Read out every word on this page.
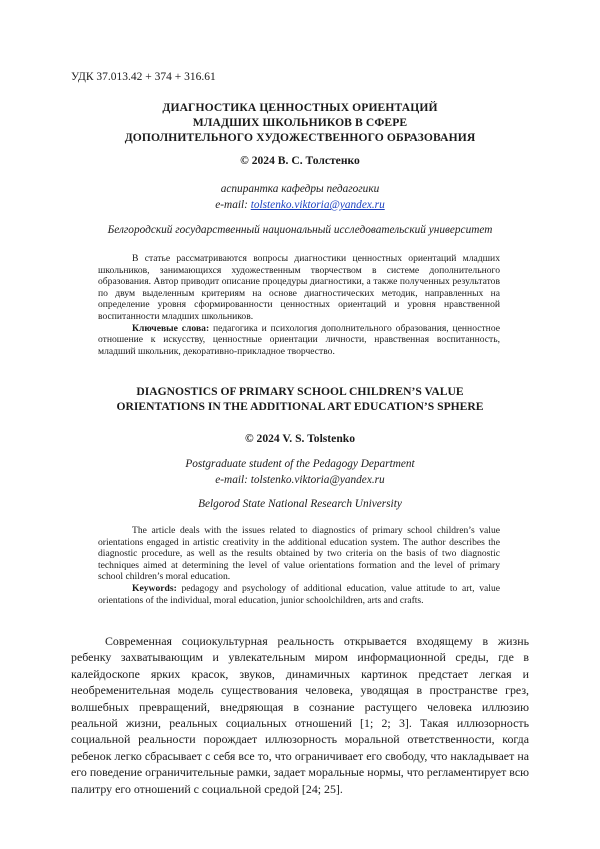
УДК 37.013.42 + 374 + 316.61
ДИАГНОСТИКА ЦЕННОСТНЫХ ОРИЕНТАЦИЙ
МЛАДШИХ ШКОЛЬНИКОВ В СФЕРЕ
ДОПОЛНИТЕЛЬНОГО ХУДОЖЕСТВЕННОГО ОБРАЗОВАНИЯ
© 2024 В. С. Толстенко
аспирантка кафедры педагогики
e-mail: tolstenko.viktoria@yandex.ru
Белгородский государственный национальный исследовательский университет
В статье рассматриваются вопросы диагностики ценностных ориентаций младших школьников, занимающихся художественным творчеством в системе дополнительного образования. Автор приводит описание процедуры диагностики, а также полученных результатов по двум выделенным критериям на основе диагностических методик, направленных на определение уровня сформированности ценностных ориентаций и уровня нравственной воспитанности младших школьников.
Ключевые слова: педагогика и психология дополнительного образования, ценностное отношение к искусству, ценностные ориентации личности, нравственная воспитанность, младший школьник, декоративно-прикладное творчество.
DIAGNOSTICS OF PRIMARY SCHOOL CHILDREN’S VALUE
ORIENTATIONS IN THE ADDITIONAL ART EDUCATION’S SPHERE
© 2024 V. S. Tolstenko
Postgraduate student of the Pedagogy Department
e-mail: tolstenko.viktoria@yandex.ru
Belgorod State National Research University
The article deals with the issues related to diagnostics of primary school children’s value orientations engaged in artistic creativity in the additional education system. The author describes the diagnostic procedure, as well as the results obtained by two criteria on the basis of two diagnostic techniques aimed at determining the level of value orientations formation and the level of primary school children’s moral education.
Keywords: pedagogy and psychology of additional education, value attitude to art, value orientations of the individual, moral education, junior schoolchildren, arts and crafts.
Современная социокультурная реальность открывается входящему в жизнь ребенку захватывающим и увлекательным миром информационной среды, где в калейдоскопе ярких красок, звуков, динамичных картинок предстает легкая и необременительная модель существования человека, уводящая в пространстве грез, волшебных превращений, внедряющая в сознание растущего человека иллюзию реальной жизни, реальных социальных отношений [1; 2; 3]. Такая иллюзорность социальной реальности порождает иллюзорность моральной ответственности, когда ребенок легко сбрасывает с себя все то, что ограничивает его свободу, что накладывает на его поведение ограничительные рамки, задает моральные нормы, что регламентирует всю палитру его отношений с социальной средой [24; 25].
